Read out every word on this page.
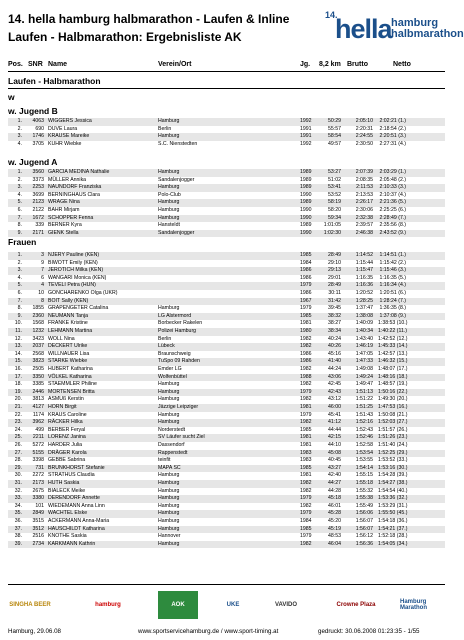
14. hella hamburg halbmarathon - Laufen & Inline
Laufen - Halbmarathon: Ergebnisliste AK
14.
hella hamburg
halbmarathon
Pos. SNR Name	Verein/Ort	Jg. 8,2 km Brutto	Netto
Laufen - Halbmarathon
w
w. Jugend B
1.	4063 WIGGERS Jessica	Hamburg	1992	50:29	2:05:10 2:02:21 (1.)
2.	690 DUVE Laura	Berlin	1991	55:57	2:20:31 2:18:54 (2.)
3.	1746 KRAUSE Mareike	Hamburg	1991	58:54	2:24:55 2:20:51 (3.)
4.	3705 KUHR Wiebke	S.C. Nienstedten	1992	49:57	2:30:50 2:27:31 (4.)
w. Jugend A
1.	3560 GARCIA MEDINA Nathalie	Hamburg	1989	53:27	2:07:39 2:03:29 (1.)
2.	3373 MÜLLER Annika	Sandalenjogger	1989	51:02	2:08:35 2:05:48 (2.)
3.	2253 NAUNDORF Franziska	Hamburg	1989	53:41	2:11:53 2:10:33 (3.)
4.	3699 BERNINGHAUS Clara	Polo-Club	1990	53:52	2:13:53 2:10:37 (4.)
5.	2123 WRAGE Nina	Hamburg	1989	58:19	2:26:17 2:21:36 (5.)
6.	2122 BAHR Mirjam	Hamburg	1990	58:20	2:30:06 2:25:25 (6.)
7.	1672 SCHOPPER Fenna	Hamburg	1990	59:34	2:32:38 2:28:49 (7.)
8.	339 BERNER Kyra	Hansteldt	1989	1:01:05	2:39:57 2:35:56 (8.)
9.	2171 GIENK Stella	Sandalenjogger	1990	1:02:30	2:46:38 2:43:52 (9.)
Frauen
1.	3 NJERY Pauline (KEN)	1985	28:49	1:14:52 1:14:51 (1.)
2.	9 BIWOTT Emily (KEN)	1984	29:10	1:15:44 1:15:42 (2.)
3.	7 JEROTICH Milka (KEN)	1986	29:13	1:15:47 1:15:46 (3.)
4.	6 WANGARI Monica (KEN)	1986	29:01	1:16:35 1:16:35 (5.)
5.	4 TEVELI Petra (HUN)	1979	28:49	1:16:36 1:16:34 (4.)
6.	10 GONCHARENKO Olga (UKR)	1986	30:11	1:20:52 1:20:51 (6.)
7.	8 BOIT Sally (KEN)	1967	31:42	1:28:25 1:28:24 (7.)
8.	1855 GRAPENGETER Catalina	Hamburg	1979	39:45	1:37:47 1:36:35 (8.)
9.	2360 NEUMANN Tanja	LG Alstermord	1985	38:32	1:38:08 1:37:08 (9.)
10.	1568 FRANKE Kristine	Borbecker Rakelen	1981	38:27	1:40:09 1:38:53 (10.)
11.	1232 LEHMANN Martina	Polizei Hamburg	1980	38:34	1:40:34 1:40:22 (11.)
12.	3423 WOLL Nina	Berlin	1982	40:24	1:43:40 1:42:52 (12.)
13.	2037 DECKERT Ulrike	Lübeck	1982	40:26	1:46:19 1:45:33 (14.)
14.	2568 WILLNAUER Lisa	Braunschweig	1986	45:16	1:47:05 1:42:57 (13.)
15.	3823 STARKE Wiebke	TuSpo 09 Rahden	1986	41:40	1:47:33 1:46:32 (15.)
16.	2505 HUBERT Katharina	Emder LG	1982	44:24	1:49:08 1:48:07 (17.)
17.	3350 VÖLKEL Katharina	Wolfenbüttel	1988	43:06	1:49:24 1:48:16 (18.)
18.	3385 STAEMMLER Philine	Hamburg	1982	42:45	1:49:47 1:48:57 (19.)
19.	2446 MORTENSEN Britta	Hamburg	1979	42:43	1:51:13 1:50:16 (22.)
20.	3813 ASMUß Kerstin	Hamburg	1982	43:12	1:51:22 1:49:30 (20.)
21.	4127 HORN Birgit	Jäzzige Leipziger	1981	46:00	1:51:25 1:47:53 (16.)
22.	1174 KRAUS Caroline	Hamburg	1979	45:41	1:51:43 1:50:08 (21.)
23.	3962 RÄCKER Hilka	Hamburg	1982	41:12	1:52:16 1:52:03 (27.)
24.	499 BERBER Feryal	Norderstedt	1985	44:44	1:52:43 1:51:57 (26.)
25.	2211 LORENZ Janina	SV Läufer sucht Ziel	1981	42:15	1:52:46 1:51:26 (23.)
26.	5272 HARDER Julia	Dassendorf	1981	44:10	1:52:58 1:51:40 (24.)
27.	5155 DRÄGER Karola	Rappenstedt	1983	45:08	1:53:54 1:52:25 (29.)
28.	3398 GEBBE Sabrina	teinfit	1983	40:45	1:53:55 1:53:52 (33.)
29.	731 BRUNKHORST Stefanie	MAPA SC	1985	43:27	1:54:14 1:53:16 (30.)
30.	2272 STRATHUS Claudia	Hamburg	1981	42:40	1:55:15 1:54:28 (39.)
31.	2173 HUTH Saskia	Hamburg	1982	44:27	1:55:18 1:54:27 (38.)
32.	2675 BIALECK Meike	Hamburg	1982	44:28	1:55:32 1:54:54 (40.)
33.	3380 DERENDORF Annette	Hamburg	1979	45:18	1:55:38 1:53:36 (32.)
34.	101 WIEDEMANN Anna Linn	Hamburg	1982	46:01	1:55:49 1:53:29 (31.)
35.	2849 WACHTEL Elske	Hamburg	1979	45:28	1:56:06 1:55:50 (45.)
36.	3515 ACKERMANN Anna-Maria	Hamburg	1984	45:20	1:56:07 1:54:18 (36.)
37.	3512 HAUSCHILDT Katharina	Hamburg	1985	45:19	1:56:07 1:54:21 (37.)
38.	2516 KNOTHE Saskia	Hannover	1979	48:53	1:56:12 1:52:18 (28.)
39.	2734 KARKMANN Kathrin	Hamburg	1982	46:04	1:56:36 1:54:05 (34.)
SINGHA BEER	hamburg	AOK	UKE	VAVIDO	Crowne Plaza	Hamburg Marathon
Hamburg, 29.06.08	www.sportservicehamburg.de / www.sport-timing.at	gedruckt: 30.06.2008 01:23:35 - 1/55
